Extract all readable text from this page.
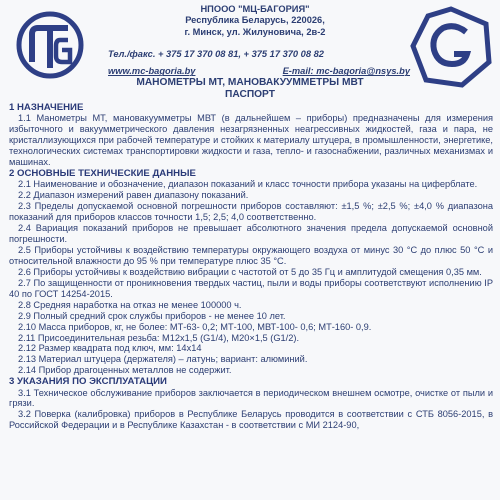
НПООО "МЦ-БАГОРИЯ"
Республика Беларусь, 220026,
г. Минск, ул. Жилуновича, 2в-2
Тел./факс. + 375 17 370 08 81, + 375 17 370 08 82
www.mc-bagoria.by	E-mail: mc-bagoria@nsys.by
МАНОМЕТРЫ МТ, МАНОВАКУУММЕТРЫ МВТ
ПАСПОРТ

1 НАЗНАЧЕНИЕ

1.1 Манометры МТ, мановакуумметры МВТ (в дальнейшем – приборы) предназначены для измерения избыточного и вакуумметрического давления незагрязненных неагрессивных жидкостей, газа и пара, не кристаллизующихся при рабочей температуре и стойких к материалу штуцера, в промышленности, энергетике, технологических системах транспортировки жидкости и газа, тепло- и газоснабжении, различных механизмах и машинах.

2 ОСНОВНЫЕ ТЕХНИЧЕСКИЕ ДАННЫЕ

2.1 Наименование и обозначение, диапазон показаний и класс точности прибора указаны на циферблате.

2.2 Диапазон измерений равен диапазону показаний.

2.3 Пределы допускаемой основной погрешности приборов составляют: ±1,5 %; ±2,5 %; ±4,0 % диапазона показаний для приборов классов точности 1,5; 2,5; 4,0 соответственно.

2.4 Вариация показаний приборов не превышает абсолютного значения предела допускаемой основной погрешности.

2.5 Приборы устойчивы к воздействию температуры окружающего воздуха от минус 30 °С до плюс 50 °С и относительной влажности до 95 % при температуре плюс 35 °С.

2.6 Приборы устойчивы к воздействию вибрации с частотой от 5 до 35 Гц и амплитудой смещения 0,35 мм.

2.7 По защищенности от проникновения твердых частиц, пыли и воды приборы соответствуют исполнению IP 40 по ГОСТ 14254-2015.

2.8 Средняя наработка на отказ не менее 100000 ч.

2.9 Полный средний срок службы приборов - не менее 10 лет.

2.10 Масса приборов, кг, не более: МТ-63- 0,2; МТ-100, МВТ-100- 0,6; МТ-160- 0,9.

2.11 Присоединительная резьба: М12х1,5 (G1/4), М20×1,5 (G1/2).

2.12 Размер квадрата под ключ, мм: 14х14

2.13 Материал штуцера (держателя) – латунь; вариант: алюминий.

2.14 Прибор драгоценных металлов не содержит.

3 УКАЗАНИЯ ПО ЭКСПЛУАТАЦИИ

3.1 Техническое обслуживание приборов заключается в периодическом внешнем осмотре, очистке от пыли и грязи.

3.2 Поверка (калибровка) приборов в Республике Беларусь проводится в соответствии с СТБ 8056-2015, в Российской Федерации и в Республике Казахстан - в соответствии с МИ 2124-90,
